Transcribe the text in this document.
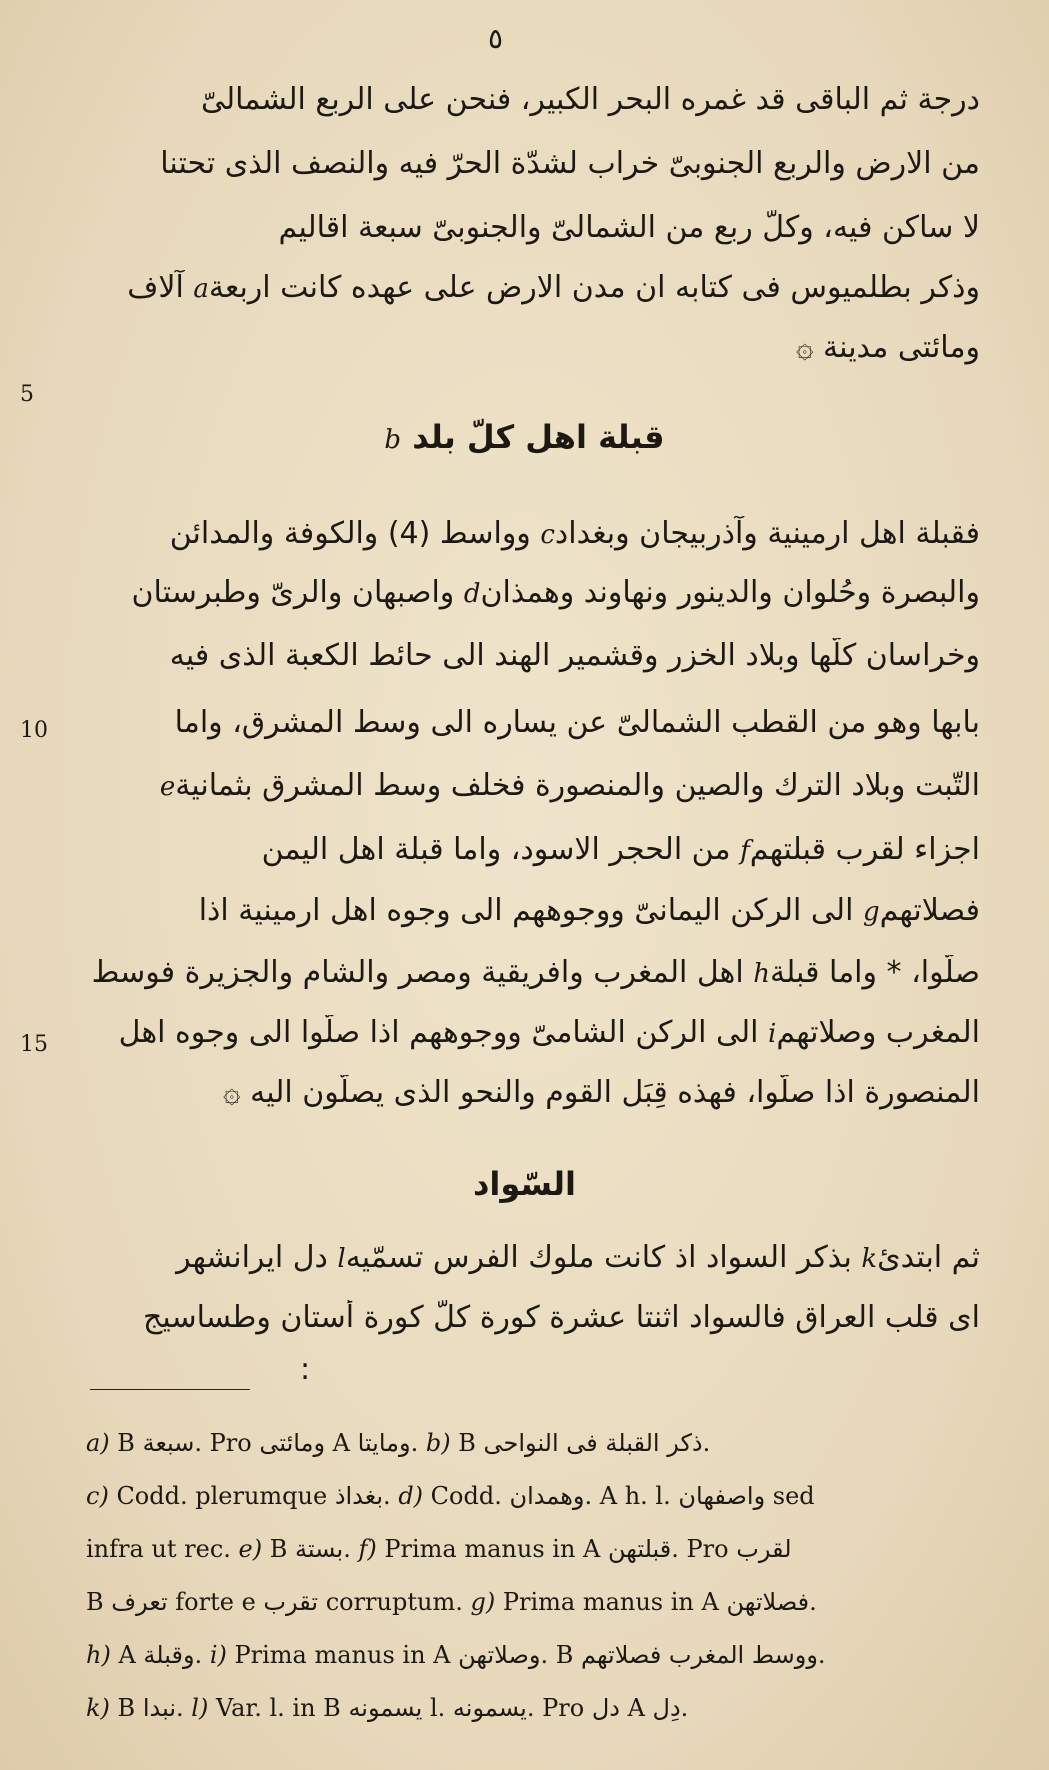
٥
درجة ثم الباقى قد غمره البحر الكبير، فنحن على الربع الشمالىّ
من الارض والربع الجنوبىّ خراب لشدّة الحرّ فيه والنصف الذى تحتنا
لا ساكن فيه، وكلّ ربع من الشمالىّ والجنوبىّ سبعة اقاليم
وذكر بطلميوس فى كتابه ان مدن الارض على عهده كانت اربعةa آلاف
ومائتى مدينة ۞
5
قبلة اهل كلّ بلد b
فقبلة اهل ارمينية وآذربيجان وبغدادc وواسط (4) والكوفة والمدائن
والبصرة وحُلوان والدينور ونهاوند وهمذانd واصبهان والرىّ وطبرستان
وخراسان كلّها وبلاد الخزر وقشمير الهند الى حائط الكعبة الذى فيه
بابها وهو من القطب الشمالىّ عن يساره الى وسط المشرق، واما
التّبت وبلاد الترك والصين والمنصورة فخلف وسط المشرق بثمانيةe
اجزاء لقرب قبلتهمf من الحجر الاسود، واما قبلة اهل اليمن
فصلاتهمg الى الركن اليمانىّ ووجوههم الى وجوه اهل ارمينية اذا
صلّوا، * واما قبلةh اهل المغرب وافريقية ومصر والشام والجزيرة فوسط
المغرب وصلاتهمi الى الركن الشامىّ ووجوههم اذا صلّوا الى وجوه اهل
المنصورة اذا صلّوا، فهذه قِبَل القوم والنحو الذى يصلّون اليه ۞
10
15
السّواد
ثم ابتدئk بذكر السواد اذ كانت ملوك الفرس تسمّيهl دل ايرانشهر
اى قلب العراق فالسواد اثنتا عشرة كورة كلّ كورة أستان وطساسيج
:
a) B سبعة. Pro ومائتى A ومايتا. b) B ذكر القبلة فى النواحى.
c) Codd. plerumque بغداذ. d) Codd. وهمدان. A h. l. واصفهان sed
infra ut rec. e) B بستة. f) Prima manus in A قبلتهن. Pro لقرب
B تعرف forte e تقرب corruptum. g) Prima manus in A فصلاتهن.
h) A وقبلة. i) Prima manus in A وصلاتهن. B ووسط المغرب فصلاتهم.
k) B نبدا. l) Var. l. in B يسمونه l. يسمونه. Pro دل A دِل.
